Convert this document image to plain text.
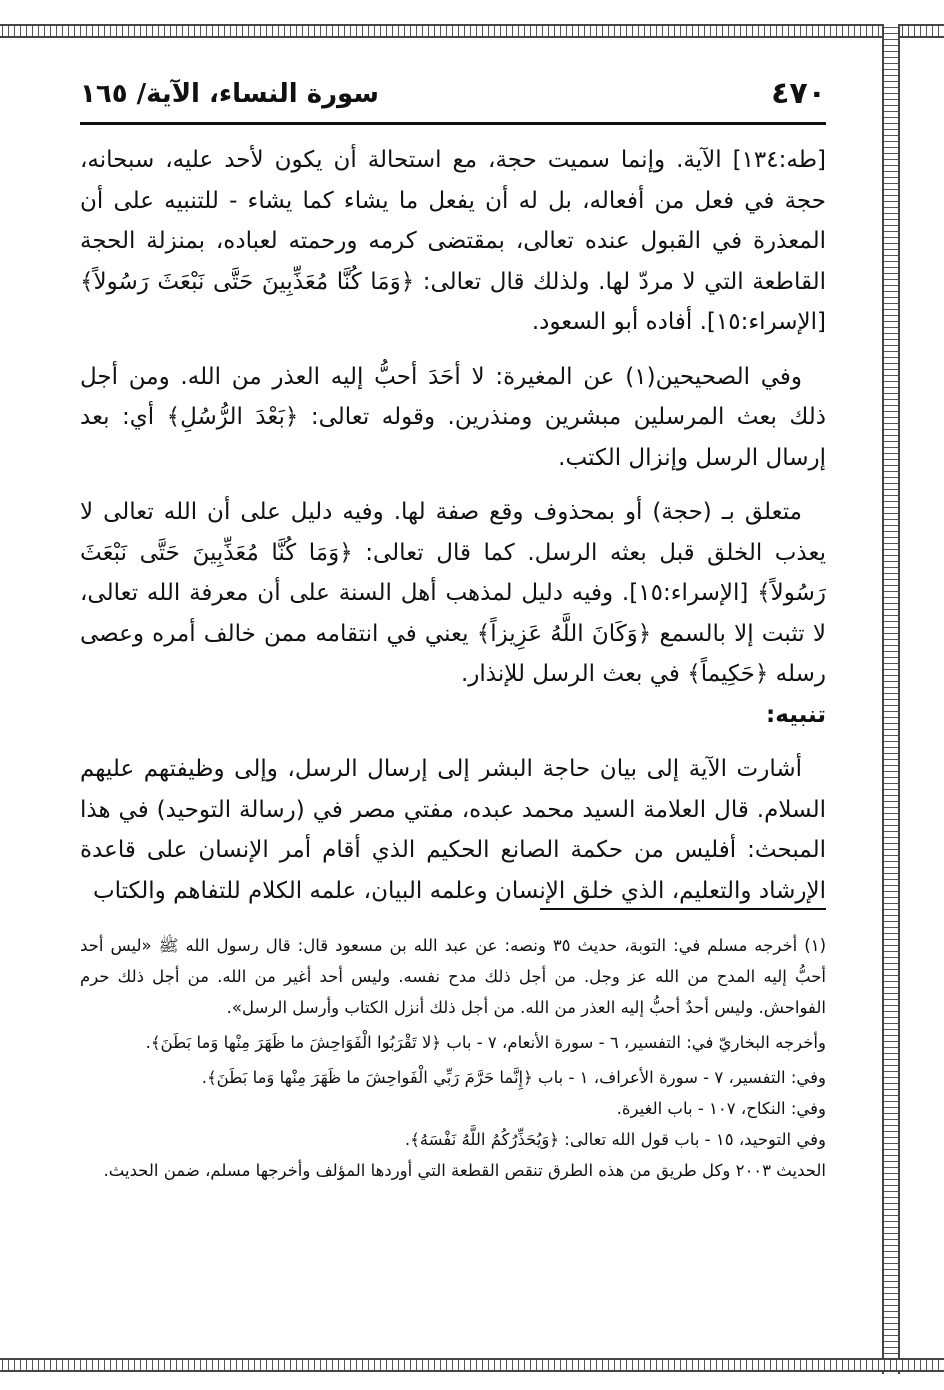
٤٧٠
سورة النساء، الآية/ ١٦٥

[طه:١٣٤] الآية. وإنما سميت حجة، مع استحالة أن يكون لأحد عليه، سبحانه، حجة في فعل من أفعاله، بل له أن يفعل ما يشاء كما يشاء - للتنبيه على أن المعذرة في القبول عنده تعالى، بمقتضى كرمه ورحمته لعباده، بمنزلة الحجة القاطعة التي لا مردّ لها. ولذلك قال تعالى: ﴿وَمَا كُنَّا مُعَذِّبِينَ حَتَّى نَبْعَثَ رَسُولاً﴾ [الإسراء:١٥]. أفاده أبو السعود.

وفي الصحيحين(١) عن المغيرة: لا أحَدَ أحبُّ إليه العذر من الله. ومن أجل ذلك بعث المرسلين مبشرين ومنذرين. وقوله تعالى: ﴿بَعْدَ الرُّسُلِ﴾ أي: بعد إرسال الرسل وإنزال الكتب.

متعلق بـ (حجة) أو بمحذوف وقع صفة لها. وفيه دليل على أن الله تعالى لا يعذب الخلق قبل بعثه الرسل. كما قال تعالى: ﴿وَمَا كُنَّا مُعَذِّبِينَ حَتَّى نَبْعَثَ رَسُولاً﴾ [الإسراء:١٥]. وفيه دليل لمذهب أهل السنة على أن معرفة الله تعالى، لا تثبت إلا بالسمع ﴿وَكَانَ اللَّهُ عَزِيزاً﴾ يعني في انتقامه ممن خالف أمره وعصى رسله ﴿حَكِيماً﴾ في بعث الرسل للإنذار.

تنبيه:

أشارت الآية إلى بيان حاجة البشر إلى إرسال الرسل، وإلى وظيفتهم عليهم السلام. قال العلامة السيد محمد عبده، مفتي مصر في (رسالة التوحيد) في هذا المبحث: أفليس من حكمة الصانع الحكيم الذي أقام أمر الإنسان على قاعدة الإرشاد والتعليم، الذي خلق الإنسان وعلمه البيان، علمه الكلام للتفاهم والكتاب

(١) أخرجه مسلم في: التوبة، حديث ٣٥ ونصه: عن عبد الله بن مسعود قال: قال رسول الله ﷺ «ليس أحد أحبُّ إليه المدح من الله عز وجل. من أجل ذلك مدح نفسه. وليس أحد أغير من الله. من أجل ذلك حرم الفواحش. وليس أحدٌ أحبُّ إليه العذر من الله. من أجل ذلك أنزل الكتاب وأرسل الرسل».

وأخرجه البخاريّ في: التفسير، ٦ - سورة الأنعام، ٧ - باب ﴿لا تَقْرَبُوا الْفَوَاحِشَ ما ظَهَرَ مِنْها وَما بَطَنَ﴾.

وفي: التفسير، ٧ - سورة الأعراف، ١ - باب ﴿إِنَّما حَرَّمَ رَبِّي الْفَواحِشَ ما ظَهَرَ مِنْها وَما بَطَنَ﴾.

وفي: النكاح، ١٠٧ - باب الغيرة.

وفي التوحيد، ١٥ - باب قول الله تعالى: ﴿وَيُحَذِّرُكُمُ اللَّهُ نَفْسَهُ﴾.

الحديث ٢٠٠٣ وكل طريق من هذه الطرق تنقص القطعة التي أوردها المؤلف وأخرجها مسلم، ضمن الحديث.
